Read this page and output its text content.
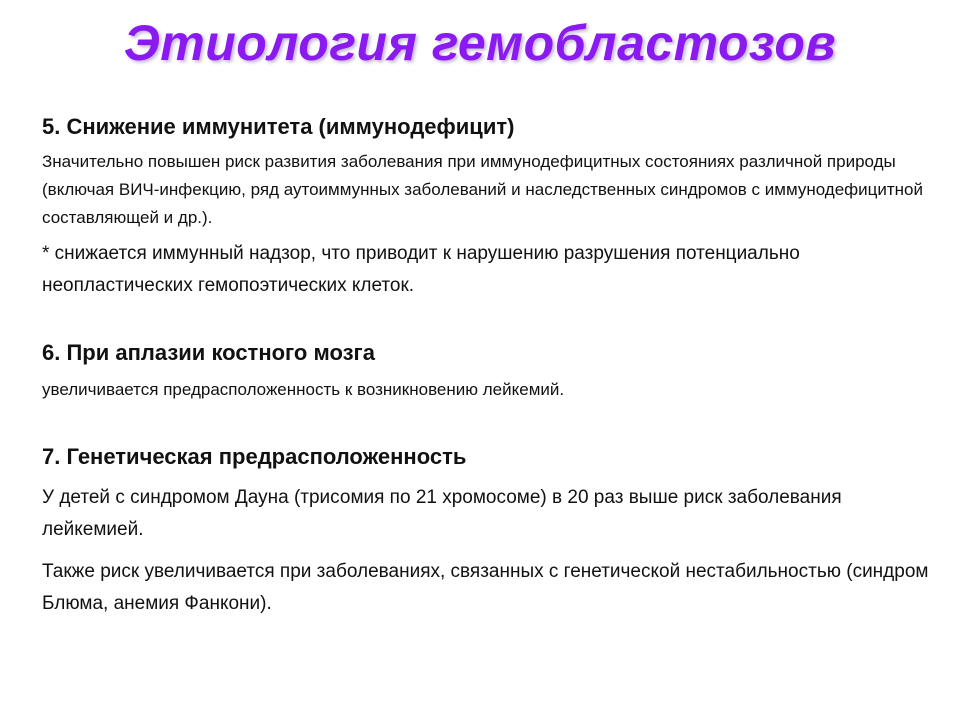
Этиология гемобластозов

5. Снижение иммунитета (иммунодефицит)

Значительно повышен риск развития заболевания при иммунодефицитных состояниях различной природы (включая ВИЧ-инфекцию, ряд аутоиммунных заболеваний и наследственных синдромов с иммунодефицитной составляющей и др.).

* снижается иммунный надзор, что приводит к нарушению разрушения потенциально неопластических гемопоэтических клеток.

6. При аплазии костного мозга

увеличивается предрасположенность к возникновению лейкемий.

7. Генетическая предрасположенность

У детей с синдромом Дауна (трисомия по 21 хромосоме) в 20 раз выше риск заболевания лейкемией.

Также риск увеличивается при заболеваниях, связанных с генетической нестабильностью (синдром Блюма, анемия Фанкони).
